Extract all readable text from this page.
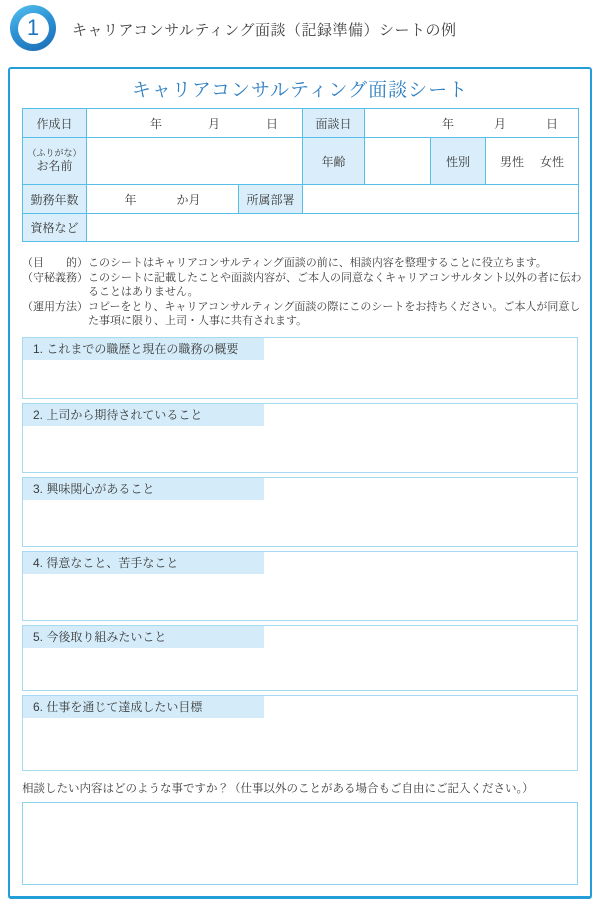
1	キャリアコンサルティング面談（記録準備）シートの例
キャリアコンサルティング面談シート
作成日	年 月 日		面談日	年 月 日		

（ふりがな）
お名前			年齢		性別	男性 女性

勤務年数	年 か月	所属部署				
資格など						
（目　　的） このシートはキャリアコンサルティング面談の前に、相談内容を整理することに役立ちます。
（守秘義務） このシートに記載したことや面談内容が、ご本人の同意なくキャリアコンサルタント以外の者に伝わることはありません。
（運用方法） コピーをとり、キャリアコンサルティング面談の際にこのシートをお持ちください。ご本人が同意した事項に限り、上司・人事に共有されます。
1. これまでの職歴と現在の職務の概要
2. 上司から期待されていること
3. 興味関心があること
4. 得意なこと、苦手なこと
5. 今後取り組みたいこと
6. 仕事を通じて達成したい目標
相談したい内容はどのような事ですか？（仕事以外のことがある場合もご自由にご記入ください。）
